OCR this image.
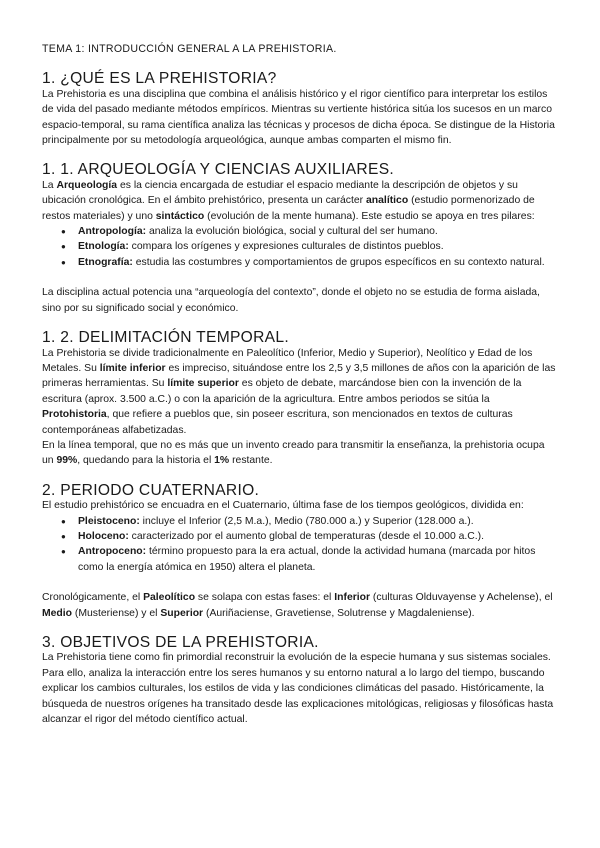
TEMA 1: INTRODUCCIÓN GENERAL A LA PREHISTORIA.
1. ¿QUÉ ES LA PREHISTORIA?

La Prehistoria es una disciplina que combina el análisis histórico y el rigor científico para interpretar los estilos de vida del pasado mediante métodos empíricos. Mientras su vertiente histórica sitúa los sucesos en un marco espacio-temporal, su rama científica analiza las técnicas y procesos de dicha época. Se distingue de la Historia principalmente por su metodología arqueológica, aunque ambas comparten el mismo fin.

1. 1. ARQUEOLOGÍA Y CIENCIAS AUXILIARES.

La Arqueología es la ciencia encargada de estudiar el espacio mediante la descripción de objetos y su ubicación cronológica. En el ámbito prehistórico, presenta un carácter analítico (estudio pormenorizado de restos materiales) y uno sintáctico (evolución de la mente humana). Este estudio se apoya en tres pilares:

● Antropología: analiza la evolución biológica, social y cultural del ser humano.
● Etnología: compara los orígenes y expresiones culturales de distintos pueblos.
● Etnografía: estudia las costumbres y comportamientos de grupos específicos en su contexto natural.

La disciplina actual potencia una “arqueología del contexto”, donde el objeto no se estudia de forma aislada, sino por su significado social y económico.

1. 2. DELIMITACIÓN TEMPORAL.

La Prehistoria se divide tradicionalmente en Paleolítico (Inferior, Medio y Superior), Neolítico y Edad de los Metales. Su límite inferior es impreciso, situándose entre los 2,5 y 3,5 millones de años con la aparición de las primeras herramientas. Su límite superior es objeto de debate, marcándose bien con la invención de la escritura (aprox. 3.500 a.C.) o con la aparición de la agricultura. Entre ambos periodos se sitúa la Protohistoria, que refiere a pueblos que, sin poseer escritura, son mencionados en textos de culturas contemporáneas alfabetizadas.

En la línea temporal, que no es más que un invento creado para transmitir la enseñanza, la prehistoria ocupa un 99%, quedando para la historia el 1% restante.

2. PERIODO CUATERNARIO.

El estudio prehistórico se encuadra en el Cuaternario, última fase de los tiempos geológicos, dividida en:

● Pleistoceno: incluye el Inferior (2,5 M.a.), Medio (780.000 a.) y Superior (128.000 a.).
● Holoceno: caracterizado por el aumento global de temperaturas (desde el 10.000 a.C.).
● Antropoceno: término propuesto para la era actual, donde la actividad humana (marcada por hitos como la energía atómica en 1950) altera el planeta.

Cronológicamente, el Paleolítico se solapa con estas fases: el Inferior (culturas Olduvayense y Achelense), el Medio (Musteriense) y el Superior (Auriñaciense, Gravetiense, Solutrense y Magdaleniense).

3. OBJETIVOS DE LA PREHISTORIA.

La Prehistoria tiene como fin primordial reconstruir la evolución de la especie humana y sus sistemas sociales. Para ello, analiza la interacción entre los seres humanos y su entorno natural a lo largo del tiempo, buscando explicar los cambios culturales, los estilos de vida y las condiciones climáticas del pasado. Históricamente, la búsqueda de nuestros orígenes ha transitado desde las explicaciones mitológicas, religiosas y filosóficas hasta alcanzar el rigor del método científico actual.
